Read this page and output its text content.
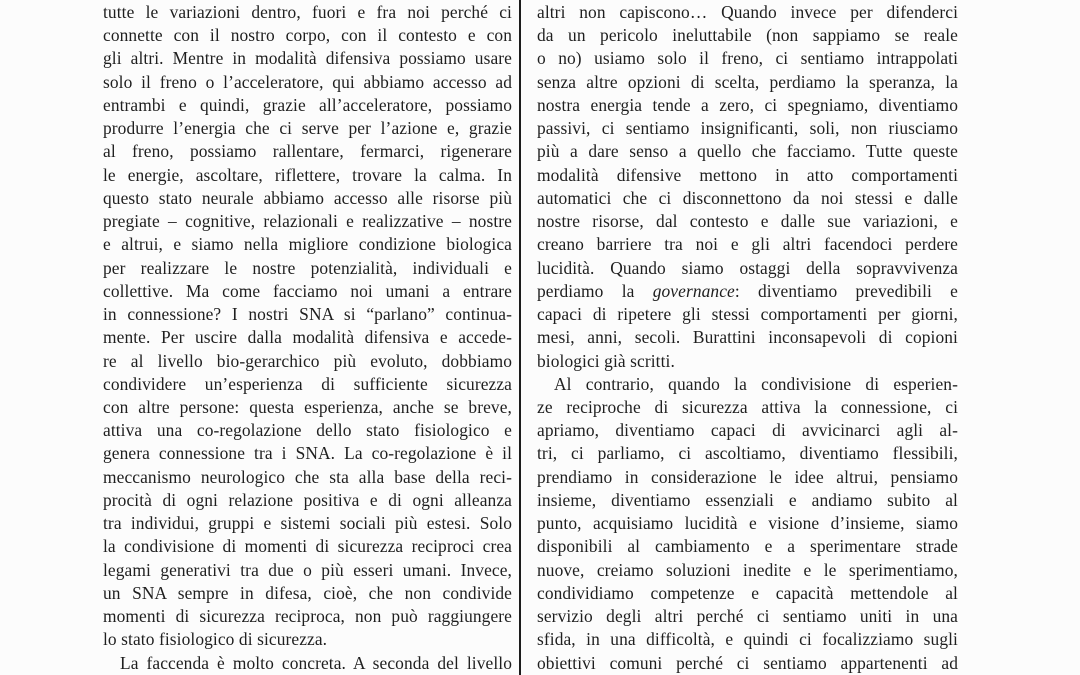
tutte le variazioni dentro, fuori e fra noi perché ci
connette con il nostro corpo, con il contesto e con
gli altri. Mentre in modalità difensiva possiamo usare
solo il freno o l’acceleratore, qui abbiamo accesso ad
entrambi e quindi, grazie all’acceleratore, possiamo
produrre l’energia che ci serve per l’azione e, grazie
al freno, possiamo rallentare, fermarci, rigenerare
le energie, ascoltare, riflettere, trovare la calma. In
questo stato neurale abbiamo accesso alle risorse più
pregiate – cognitive, relazionali e realizzative – nostre
e altrui, e siamo nella migliore condizione biologica
per realizzare le nostre potenzialità, individuali e
collettive. Ma come facciamo noi umani a entrare
in connessione? I nostri SNA si “parlano” continua-
mente. Per uscire dalla modalità difensiva e accede-
re al livello bio-gerarchico più evoluto, dobbiamo
condividere un’esperienza di sufficiente sicurezza
con altre persone: questa esperienza, anche se breve,
attiva una co-regolazione dello stato fisiologico e
genera connessione tra i SNA. La co-regolazione è il
meccanismo neurologico che sta alla base della reci-
procità di ogni relazione positiva e di ogni alleanza
tra individui, gruppi e sistemi sociali più estesi. Solo
la condivisione di momenti di sicurezza reciproci crea
legami generativi tra due o più esseri umani. Invece,
un SNA sempre in difesa, cioè, che non condivide
momenti di sicurezza reciproca, non può raggiungere
lo stato fisiologico di sicurezza.
La faccenda è molto concreta. A seconda del livello
altri non capiscono… Quando invece per difenderci
da un pericolo ineluttabile (non sappiamo se reale
o no) usiamo solo il freno, ci sentiamo intrappolati
senza altre opzioni di scelta, perdiamo la speranza, la
nostra energia tende a zero, ci spegniamo, diventiamo
passivi, ci sentiamo insignificanti, soli, non riusciamo
più a dare senso a quello che facciamo. Tutte queste
modalità difensive mettono in atto comportamenti
automatici che ci disconnettono da noi stessi e dalle
nostre risorse, dal contesto e dalle sue variazioni, e
creano barriere tra noi e gli altri facendoci perdere
lucidità. Quando siamo ostaggi della sopravvivenza
perdiamo la governance: diventiamo prevedibili e
capaci di ripetere gli stessi comportamenti per giorni,
mesi, anni, secoli. Burattini inconsapevoli di copioni
biologici già scritti.
Al contrario, quando la condivisione di esperien-
ze reciproche di sicurezza attiva la connessione, ci
apriamo, diventiamo capaci di avvicinarci agli al-
tri, ci parliamo, ci ascoltiamo, diventiamo flessibili,
prendiamo in considerazione le idee altrui, pensiamo
insieme, diventiamo essenziali e andiamo subito al
punto, acquisiamo lucidità e visione d’insieme, siamo
disponibili al cambiamento e a sperimentare strade
nuove, creiamo soluzioni inedite e le sperimentiamo,
condividiamo competenze e capacità mettendole al
servizio degli altri perché ci sentiamo uniti in una
sfida, in una difficoltà, e quindi ci focalizziamo sugli
obiettivi comuni perché ci sentiamo appartenenti ad
